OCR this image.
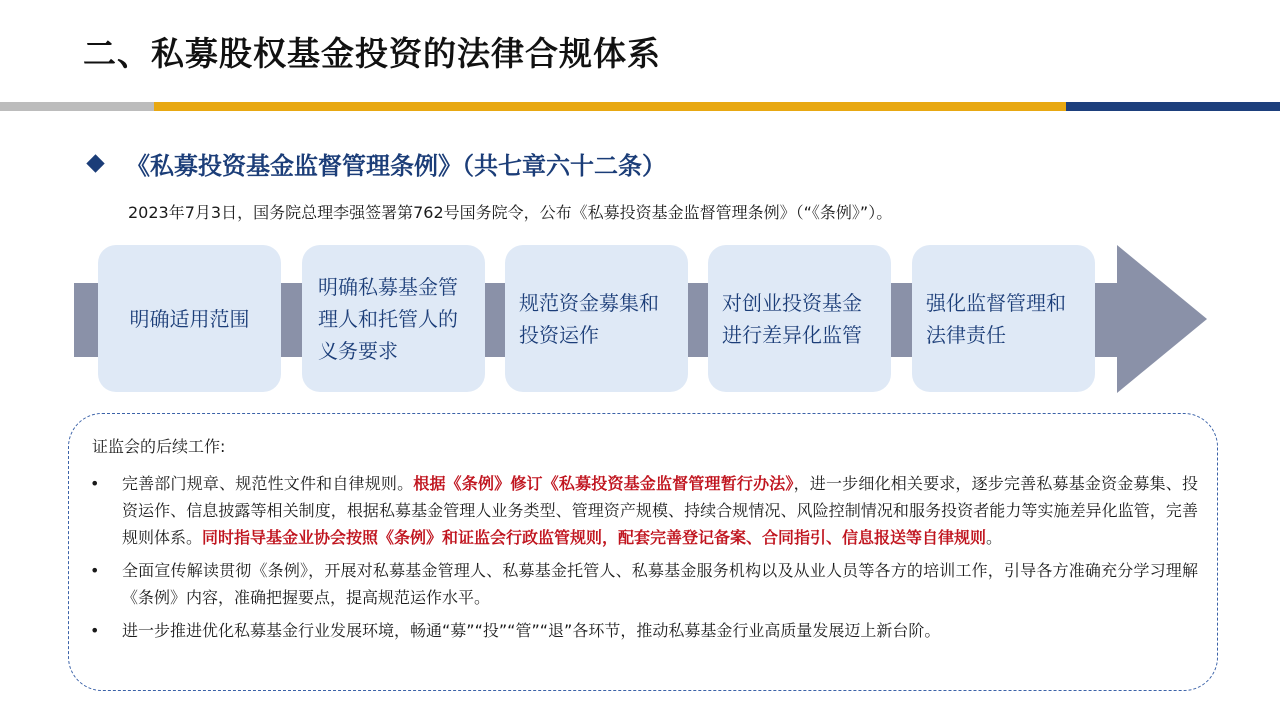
二、私募股权基金投资的法律合规体系
《私募投资基金监督管理条例》（共七章六十二条）
2023年7月3日，国务院总理李强签署第762号国务院令，公布《私募投资基金监督管理条例》（“《条例》”）。
明确适用范围
明确私募基金管理人和托管人的义务要求
规范资金募集和投资运作
对创业投资基金进行差异化监管
强化监督管理和法律责任
证监会的后续工作:
• 完善部门规章、规范性文件和自律规则。根据《条例》修订《私募投资基金监督管理暂行办法》，进一步细化相关要求，逐步完善私募基金资金募集、投资运作、信息披露等相关制度，根据私募基金管理人业务类型、管理资产规模、持续合规情况、风险控制情况和服务投资者能力等实施差异化监管，完善规则体系。同时指导基金业协会按照《条例》和证监会行政监管规则，配套完善登记备案、合同指引、信息报送等自律规则。
• 全面宣传解读贯彻《条例》，开展对私募基金管理人、私募基金托管人、私募基金服务机构以及从业人员等各方的培训工作，引导各方准确充分学习理解《条例》内容，准确把握要点，提高规范运作水平。
• 进一步推进优化私募基金行业发展环境，畅通“募”“投”“管”“退”各环节，推动私募基金行业高质量发展迈上新台阶。
